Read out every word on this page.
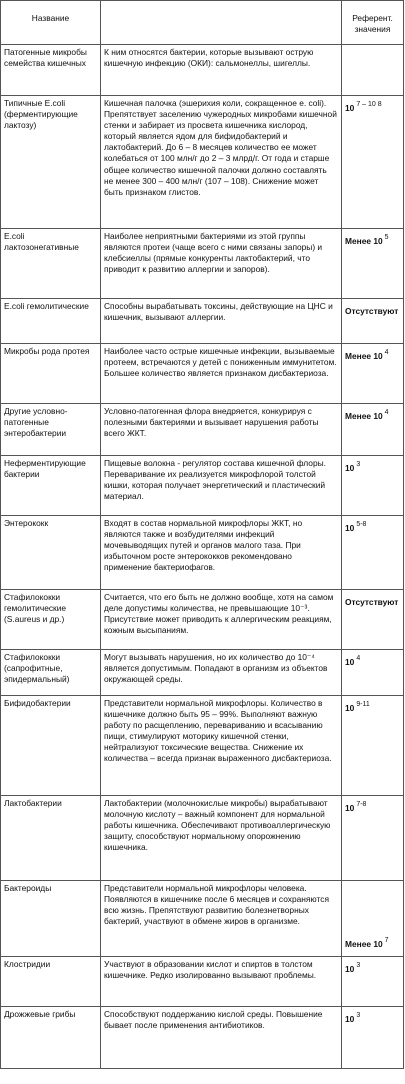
Название		Референт. значения
Патогенные микробы семейства кишечных	К ним относятся бактерии, которые вызывают острую кишечную инфекцию (ОКИ): сальмонеллы, шигеллы.	
Типичные E.coli (ферментирующие лактозу)	Кишечная палочка (эшерихия коли, сокращенное е. coli). Препятствует заселению чужеродных микробами кишечной стенки и забирает из просвета кишечника кислород, который является ядом для бифидобактерий и лактобактерий. До 6 – 8 месяцев количество ее может колебаться от 100 млн/г до 2 – 3 млрд/г. От года и старше общее количество кишечной палочки должно составлять не менее 300 – 400 млн/г (107 – 108). Снижение может быть признаком глистов.	10 $^{7 - 10 8}$
E.coli лактозонегативные	Наиболее неприятными бактериями из этой группы являются протеи (чаще всего с ними связаны запоры) и клебсиеллы (прямые конкуренты лактобактерий, что приводит к развитию аллергии и запоров).	Менее 10 $^5$
E.coli гемолитические	Способны вырабатывать токсины, действующие на ЦНС и кишечник, вызывают аллергии.	Отсутствуют
Микробы рода протея	Наиболее часто острые кишечные инфекции, вызываемые протеем, встречаются у детей с пониженным иммунитетом. Большее количество является признаком дисбактериоза.	Менее 10 $^4$
Другие условно-патогенные энтеробактерии	Условно-патогенная флора внедряется, конкурируя с полезными бактериями и вызывает нарушения работы всего ЖКТ.	Менее 10 $^4$
Неферментирующие бактерии	Пищевые волокна - регулятор состава кишечной флоры. Переваривание их реализуется микрофлорой толстой кишки, которая получает энергетический и пластический материал.	10 $^3$
Энтерококк	Входят в состав нормальной микрофлоры ЖКТ, но являются также и возбудителями инфекций мочевыводящих путей и органов малого таза. При избыточном росте энтерококков рекомендовано применение бактериофагов.	10 $^{5-8}$
Стафилококки гемолитические (S.aureus и др.)	Считается, что его быть не должно вообще, хотя на самом деле допустимы количества, не превышающие 10⁻³. Присутствие может приводить к аллергическим реакциям, кожным высыпаниям.	Отсутствуют
Стафилококки (сапрофитные, эпидермальный)	Могут вызывать нарушения, но их количество до 10⁻⁴ является допустимым. Попадают в организм из объектов окружающей среды.	10 $^4$
Бифидобактерии	Представители нормальной микрофлоры. Количество в кишечнике должно быть 95 – 99%. Выполняют важную работу по расщеплению, перевариванию и всасыванию пищи, стимулируют моторику кишечной стенки, нейтрализуют токсические вещества. Снижение их количества – всегда признак выраженного дисбактериоза.	10 $^{9-11}$
Лактобактерии	Лактобактерии (молочнокислые микробы) вырабатывают молочную кислоту – важный компонент для нормальной работы кишечника. Обеспечивают противоаллергическую защиту, способствуют нормальному опорожнению кишечника.	10 $^{7-8}$
Бактероиды	Представители нормальной микрофлоры человека. Появляются в кишечнике после 6 месяцев и сохраняются всю жизнь. Препятствуют развитию болезнетворных бактерий, участвуют в обмене жиров в организме.	Менее 10 $^7$
Клостридии	Участвуют в образовании кислот и спиртов в толстом кишечнике. Редко изолированно вызывают проблемы.	10 $^3$
Дрожжевые грибы	Способствуют поддержанию кислой среды. Повышение бывает после применения антибиотиков.	10 $^3$
